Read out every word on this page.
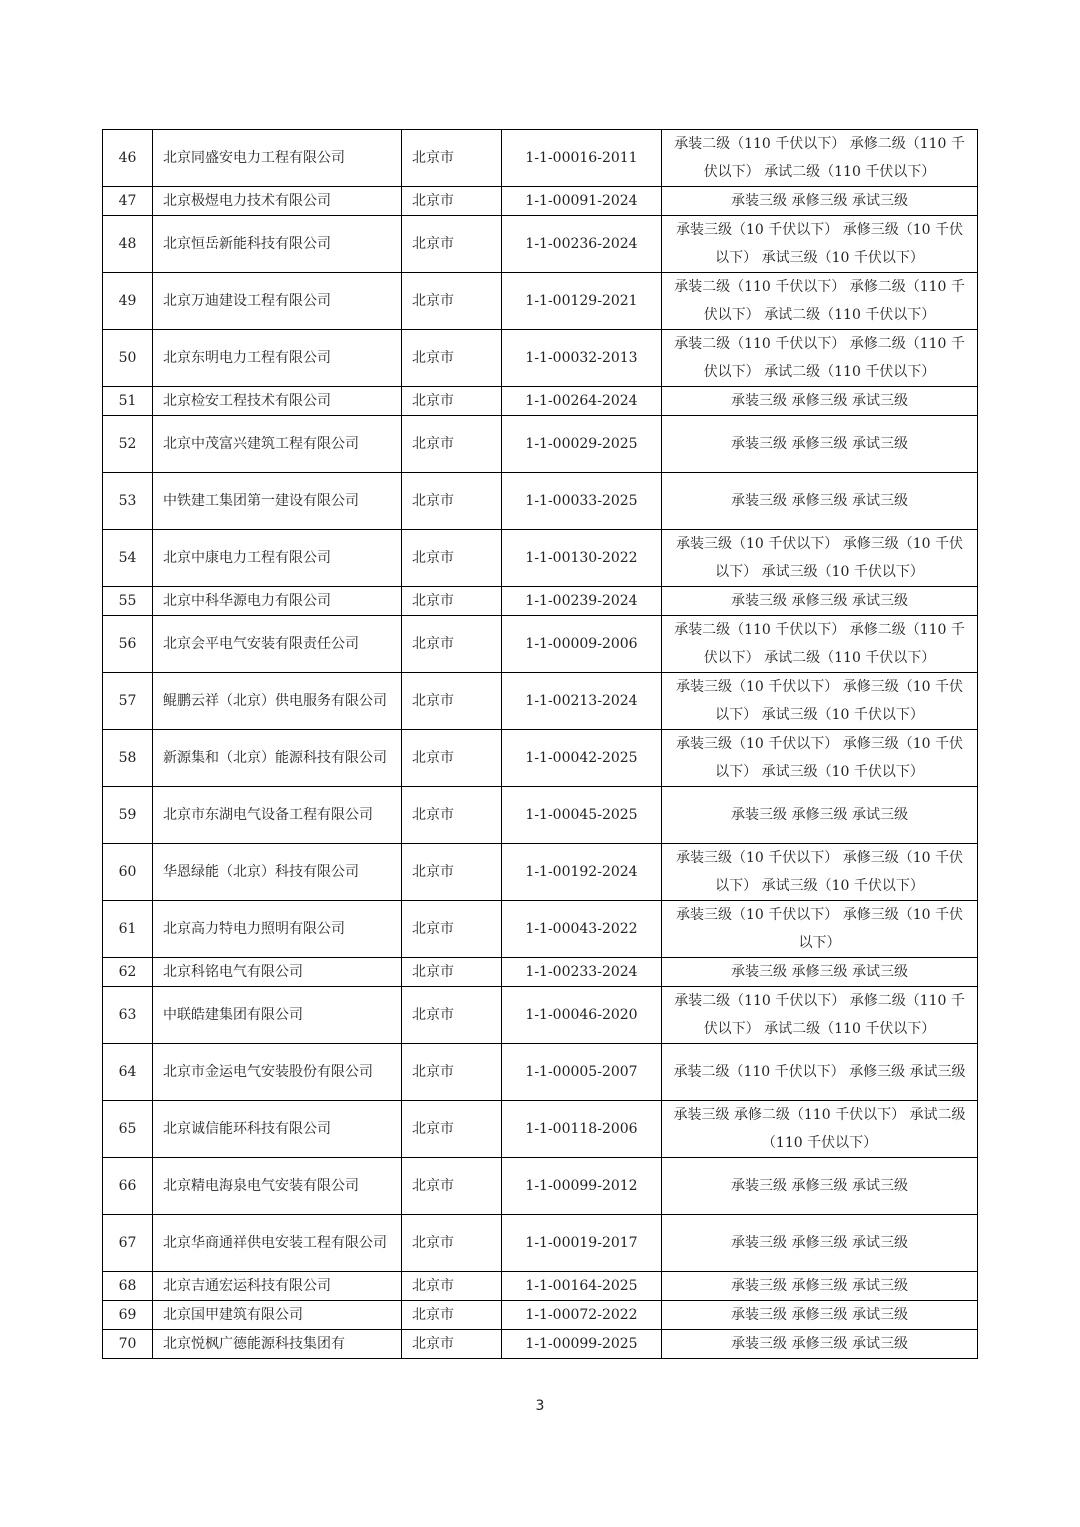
46	北京同盛安电力工程有限公司	北京市	1-1-00016-2011	承装二级（110 千伏以下） 承修二级（110 千伏以下） 承试二级（110 千伏以下）
47	北京极煜电力技术有限公司	北京市	1-1-00091-2024	承装三级 承修三级 承试三级
48	北京恒岳新能科技有限公司	北京市	1-1-00236-2024	承装三级（10 千伏以下） 承修三级（10 千伏以下） 承试三级（10 千伏以下）
49	北京万迪建设工程有限公司	北京市	1-1-00129-2021	承装二级（110 千伏以下） 承修二级（110 千伏以下） 承试二级（110 千伏以下）
50	北京东明电力工程有限公司	北京市	1-1-00032-2013	承装二级（110 千伏以下） 承修二级（110 千伏以下） 承试二级（110 千伏以下）
51	北京检安工程技术有限公司	北京市	1-1-00264-2024	承装三级 承修三级 承试三级
52	北京中茂富兴建筑工程有限公司	北京市	1-1-00029-2025	承装三级 承修三级 承试三级
53	中铁建工集团第一建设有限公司	北京市	1-1-00033-2025	承装三级 承修三级 承试三级
54	北京中康电力工程有限公司	北京市	1-1-00130-2022	承装三级（10 千伏以下） 承修三级（10 千伏以下） 承试三级（10 千伏以下）
55	北京中科华源电力有限公司	北京市	1-1-00239-2024	承装三级 承修三级 承试三级
56	北京会平电气安装有限责任公司	北京市	1-1-00009-2006	承装二级（110 千伏以下） 承修二级（110 千伏以下） 承试二级（110 千伏以下）
57	鲲鹏云祥（北京）供电服务有限公司	北京市	1-1-00213-2024	承装三级（10 千伏以下） 承修三级（10 千伏以下） 承试三级（10 千伏以下）
58	新源集和（北京）能源科技有限公司	北京市	1-1-00042-2025	承装三级（10 千伏以下） 承修三级（10 千伏以下） 承试三级（10 千伏以下）
59	北京市东湖电气设备工程有限公司	北京市	1-1-00045-2025	承装三级 承修三级 承试三级
60	华恩绿能（北京）科技有限公司	北京市	1-1-00192-2024	承装三级（10 千伏以下） 承修三级（10 千伏以下） 承试三级（10 千伏以下）
61	北京高力特电力照明有限公司	北京市	1-1-00043-2022	承装三级（10 千伏以下） 承修三级（10 千伏以下）
62	北京科铭电气有限公司	北京市	1-1-00233-2024	承装三级 承修三级 承试三级
63	中联皓建集团有限公司	北京市	1-1-00046-2020	承装二级（110 千伏以下） 承修二级（110 千伏以下） 承试二级（110 千伏以下）
64	北京市金运电气安装股份有限公司	北京市	1-1-00005-2007	承装二级（110 千伏以下） 承修三级 承试三级
65	北京诚信能环科技有限公司	北京市	1-1-00118-2006	承装三级 承修二级（110 千伏以下） 承试二级（110 千伏以下）
66	北京精电海泉电气安装有限公司	北京市	1-1-00099-2012	承装三级 承修三级 承试三级
67	北京华商通祥供电安装工程有限公司	北京市	1-1-00019-2017	承装三级 承修三级 承试三级
68	北京吉通宏运科技有限公司	北京市	1-1-00164-2025	承装三级 承修三级 承试三级
69	北京国甲建筑有限公司	北京市	1-1-00072-2022	承装三级 承修三级 承试三级
70	北京悦枫广德能源科技集团有	北京市	1-1-00099-2025	承装三级 承修三级 承试三级
3
